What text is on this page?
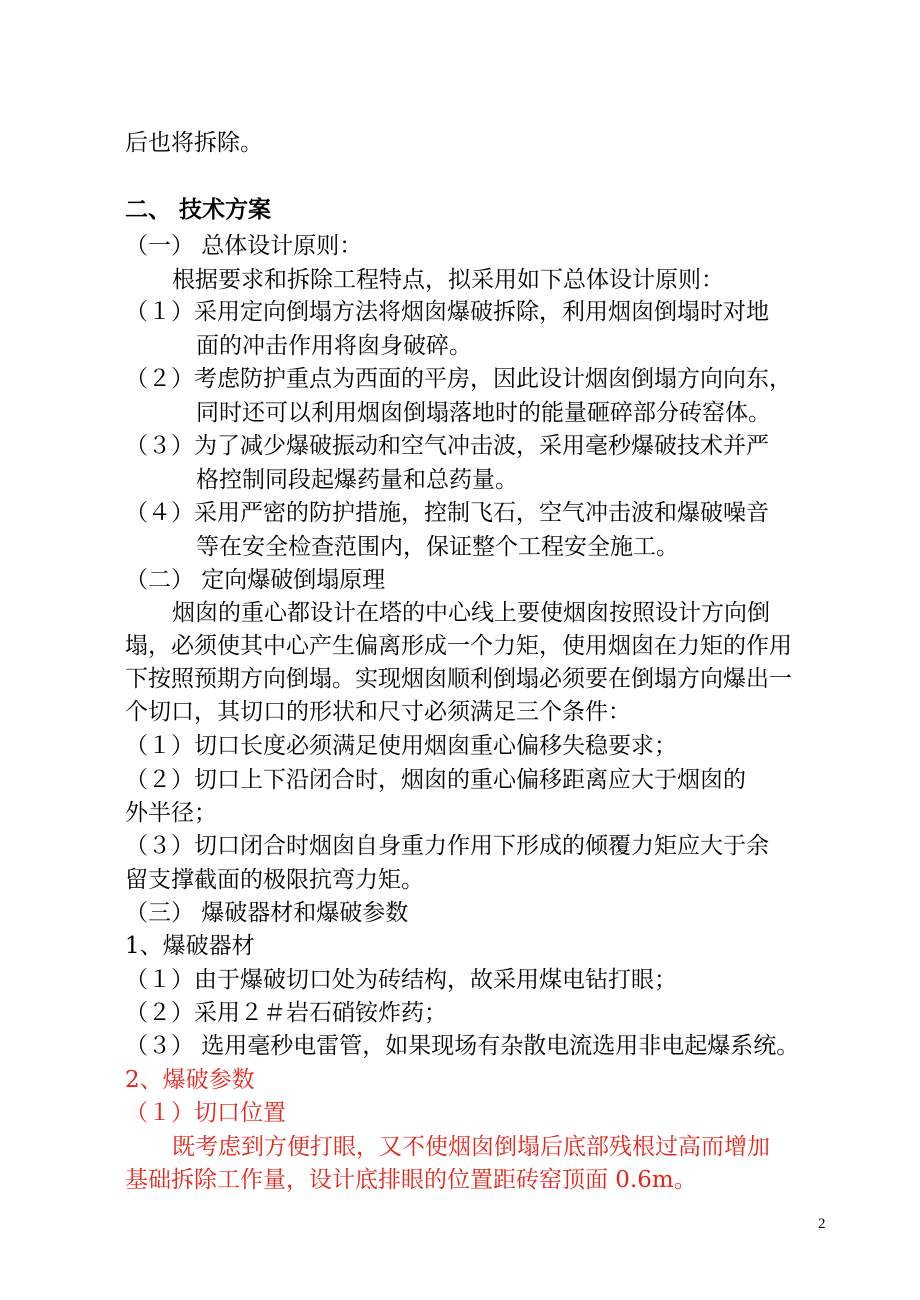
后也将拆除。
二、 技术方案
（一） 总体设计原则：
根据要求和拆除工程特点，拟采用如下总体设计原则：
（１）采用定向倒塌方法将烟囱爆破拆除，利用烟囱倒塌时对地
面的冲击作用将囱身破碎。
（２）考虑防护重点为西面的平房，因此设计烟囱倒塌方向向东，
同时还可以利用烟囱倒塌落地时的能量砸碎部分砖窑体。
（３）为了减少爆破振动和空气冲击波，采用毫秒爆破技术并严
格控制同段起爆药量和总药量。
（４）采用严密的防护措施，控制飞石，空气冲击波和爆破噪音
等在安全检查范围内，保证整个工程安全施工。
（二） 定向爆破倒塌原理
烟囱的重心都设计在塔的中心线上要使烟囱按照设计方向倒
塌，必须使其中心产生偏离形成一个力矩，使用烟囱在力矩的作用
下按照预期方向倒塌。实现烟囱顺利倒塌必须要在倒塌方向爆出一
个切口，其切口的形状和尺寸必须满足三个条件：
（１）切口长度必须满足使用烟囱重心偏移失稳要求；
（２）切口上下沿闭合时，烟囱的重心偏移距离应大于烟囱的
外半径；
（３）切口闭合时烟囱自身重力作用下形成的倾覆力矩应大于余
留支撑截面的极限抗弯力矩。
（三） 爆破器材和爆破参数
1、爆破器材
（１）由于爆破切口处为砖结构，故采用煤电钻打眼；
（２）采用２＃岩石硝铵炸药；
（３） 选用毫秒电雷管，如果现场有杂散电流选用非电起爆系统。
2、爆破参数
（１）切口位置
既考虑到方便打眼，又不使烟囱倒塌后底部残根过高而增加
基础拆除工作量，设计底排眼的位置距砖窑顶面 0.6m。
2
